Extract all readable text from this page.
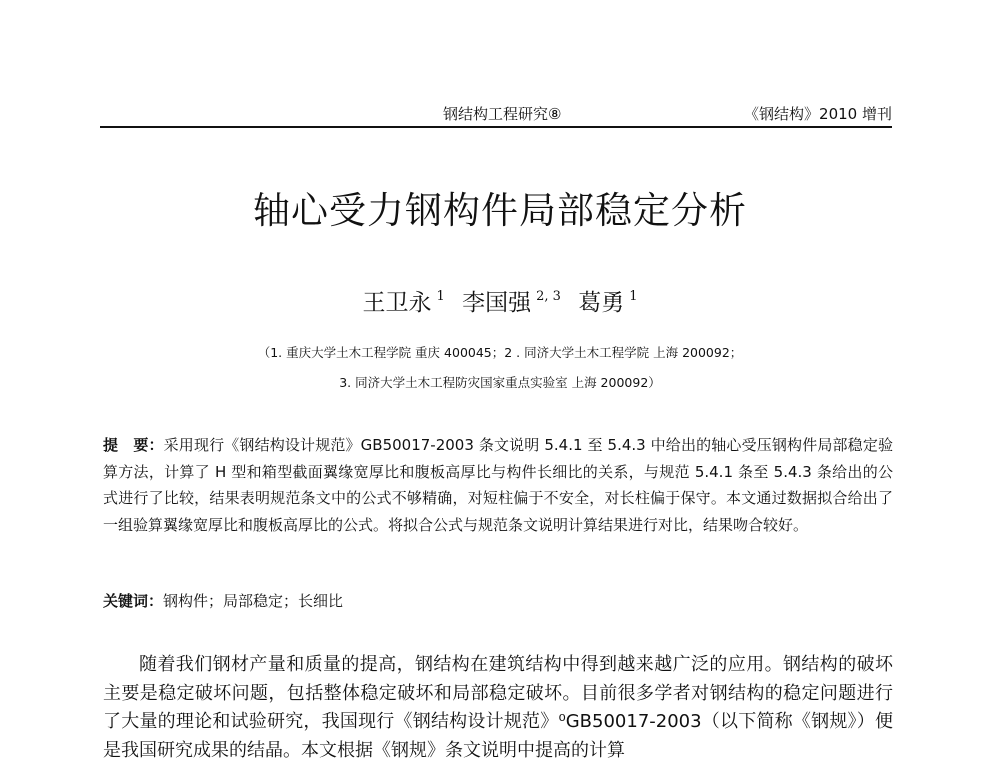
钢结构工程研究⑧	《钢结构》2010 增刊
轴心受力钢构件局部稳定分析
王卫永 $^1$ 李国强 $^{2, 3}$ 葛勇 $^1$
（1. 重庆大学土木工程学院 重庆 400045；2 . 同济大学土木工程学院 上海 200092；
3. 同济大学土木工程防灾国家重点实验室 上海 200092）
提　要：采用现行《钢结构设计规范》GB50017-2003 条文说明 5.4.1 至 5.4.3 中给出的轴心受压钢构件局部稳定验算方法，计算了 H 型和箱型截面翼缘宽厚比和腹板高厚比与构件长细比的关系，与规范 5.4.1 条至 5.4.3 条给出的公式进行了比较，结果表明规范条文中的公式不够精确，对短柱偏于不安全，对长柱偏于保守。本文通过数据拟合给出了一组验算翼缘宽厚比和腹板高厚比的公式。将拟合公式与规范条文说明计算结果进行对比，结果吻合较好。
关键词：钢构件；局部稳定；长细比
随着我们钢材产量和质量的提高，钢结构在建筑结构中得到越来越广泛的应用。钢结构的破坏主要是稳定破坏问题，包括整体稳定破坏和局部稳定破坏。目前很多学者对钢结构的稳定问题进行了大量的理论和试验研究，我国现行《钢结构设计规范》⁰GB50017-2003（以下简称《钢规》）便是我国研究成果的结晶。本文根据《钢规》条文说明中提高的计算
